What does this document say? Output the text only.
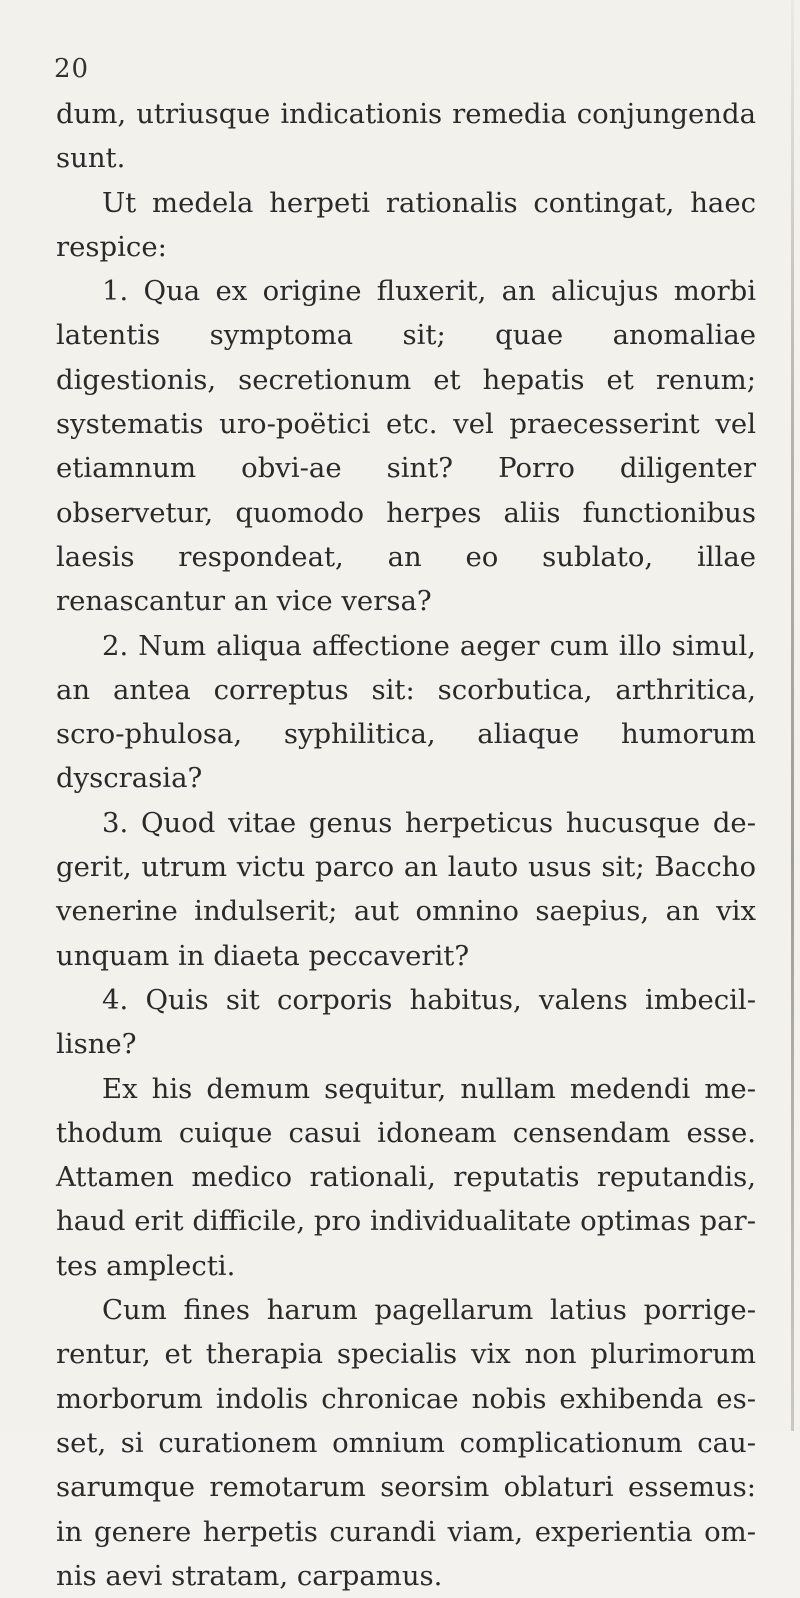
20

dum, utriusque indicationis remedia conjungenda sunt.

Ut medela herpeti rationalis contingat, haec respice:

1. Qua ex origine fluxerit, an alicujus morbi latentis symptoma sit; quae anomaliae digestionis, secretionum et hepatis et renum; systematis uro-poëtici etc. vel praecesserint vel etiamnum obvi-ae sint? Porro diligenter observetur, quomodo herpes aliis functionibus laesis respondeat, an eo sublato, illae renascantur an vice versa?

2. Num aliqua affectione aeger cum illo simul, an antea correptus sit: scorbutica, arthritica, scro-phulosa, syphilitica, aliaque humorum dyscrasia?

3. Quod vitae genus herpeticus hucusque de-gerit, utrum victu parco an lauto usus sit; Baccho venerine indulserit; aut omnino saepius, an vix unquam in diaeta peccaverit?

4. Quis sit corporis habitus, valens imbecil-lisne?

Ex his demum sequitur, nullam medendi me-thodum cuique casui idoneam censendam esse. Attamen medico rationali, reputatis reputandis, haud erit difficile, pro individualitate optimas par-tes amplecti.

Cum fines harum pagellarum latius porrige-rentur, et therapia specialis vix non plurimorum morborum indolis chronicae nobis exhibenda es-set, si curationem omnium complicationum cau-sarumque remotarum seorsim oblaturi essemus: in genere herpetis curandi viam, experientia om-nis aevi stratam, carpamus.
